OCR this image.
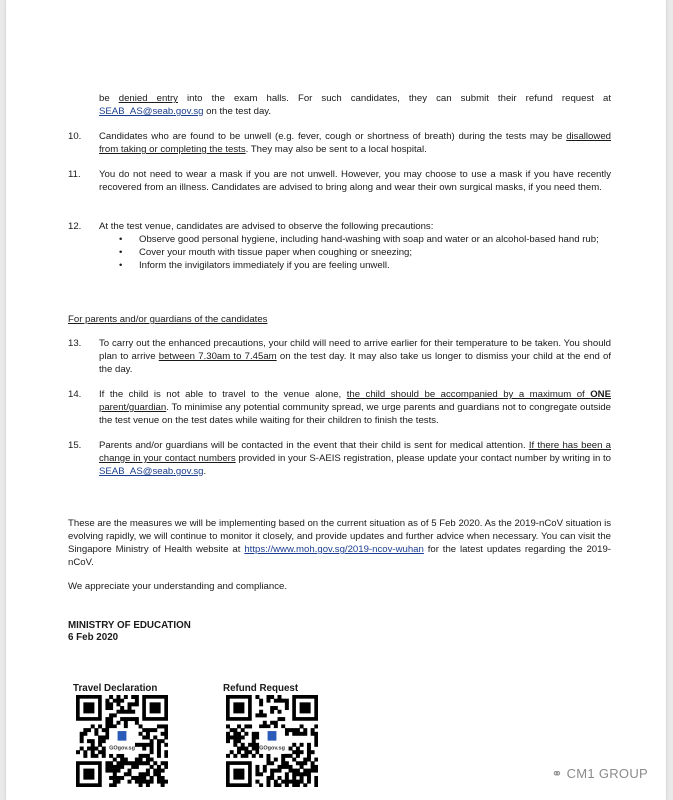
be denied entry into the exam halls. For such candidates, they can submit their refund request at SEAB_AS@seab.gov.sg on the test day.
10.	Candidates who are found to be unwell (e.g. fever, cough or shortness of breath) during the tests may be disallowed from taking or completing the tests. They may also be sent to a local hospital.
11.	You do not need to wear a mask if you are not unwell. However, you may choose to use a mask if you have recently recovered from an illness. Candidates are advised to bring along and wear their own surgical masks, if you need them.
12.	At the test venue, candidates are advised to observe the following precautions:
• Observe good personal hygiene, including hand-washing with soap and water or an alcohol-based hand rub;
• Cover your mouth with tissue paper when coughing or sneezing;
• Inform the invigilators immediately if you are feeling unwell.
For parents and/or guardians of the candidates
13.	To carry out the enhanced precautions, your child will need to arrive earlier for their temperature to be taken. You should plan to arrive between 7.30am to 7.45am on the test day. It may also take us longer to dismiss your child at the end of the day.
14.	If the child is not able to travel to the venue alone, the child should be accompanied by a maximum of ONE parent/guardian. To minimise any potential community spread, we urge parents and guardians not to congregate outside the test venue on the test dates while waiting for their children to finish the tests.
15.	Parents and/or guardians will be contacted in the event that their child is sent for medical attention. If there has been a change in your contact numbers provided in your S-AEIS registration, please update your contact number by writing in to SEAB_AS@seab.gov.sg.
These are the measures we will be implementing based on the current situation as of 5 Feb 2020. As the 2019-nCoV situation is evolving rapidly, we will continue to monitor it closely, and provide updates and further advice when necessary. You can visit the Singapore Ministry of Health website at https://www.moh.gov.sg/2019-ncov-wuhan for the latest updates regarding the 2019-nCoV.
We appreciate your understanding and compliance.
MINISTRY OF EDUCATION
6 Feb 2020
Travel Declaration
GOgov.sg
Refund Request
GOgov.sg
⚭ CM1 GROUP
